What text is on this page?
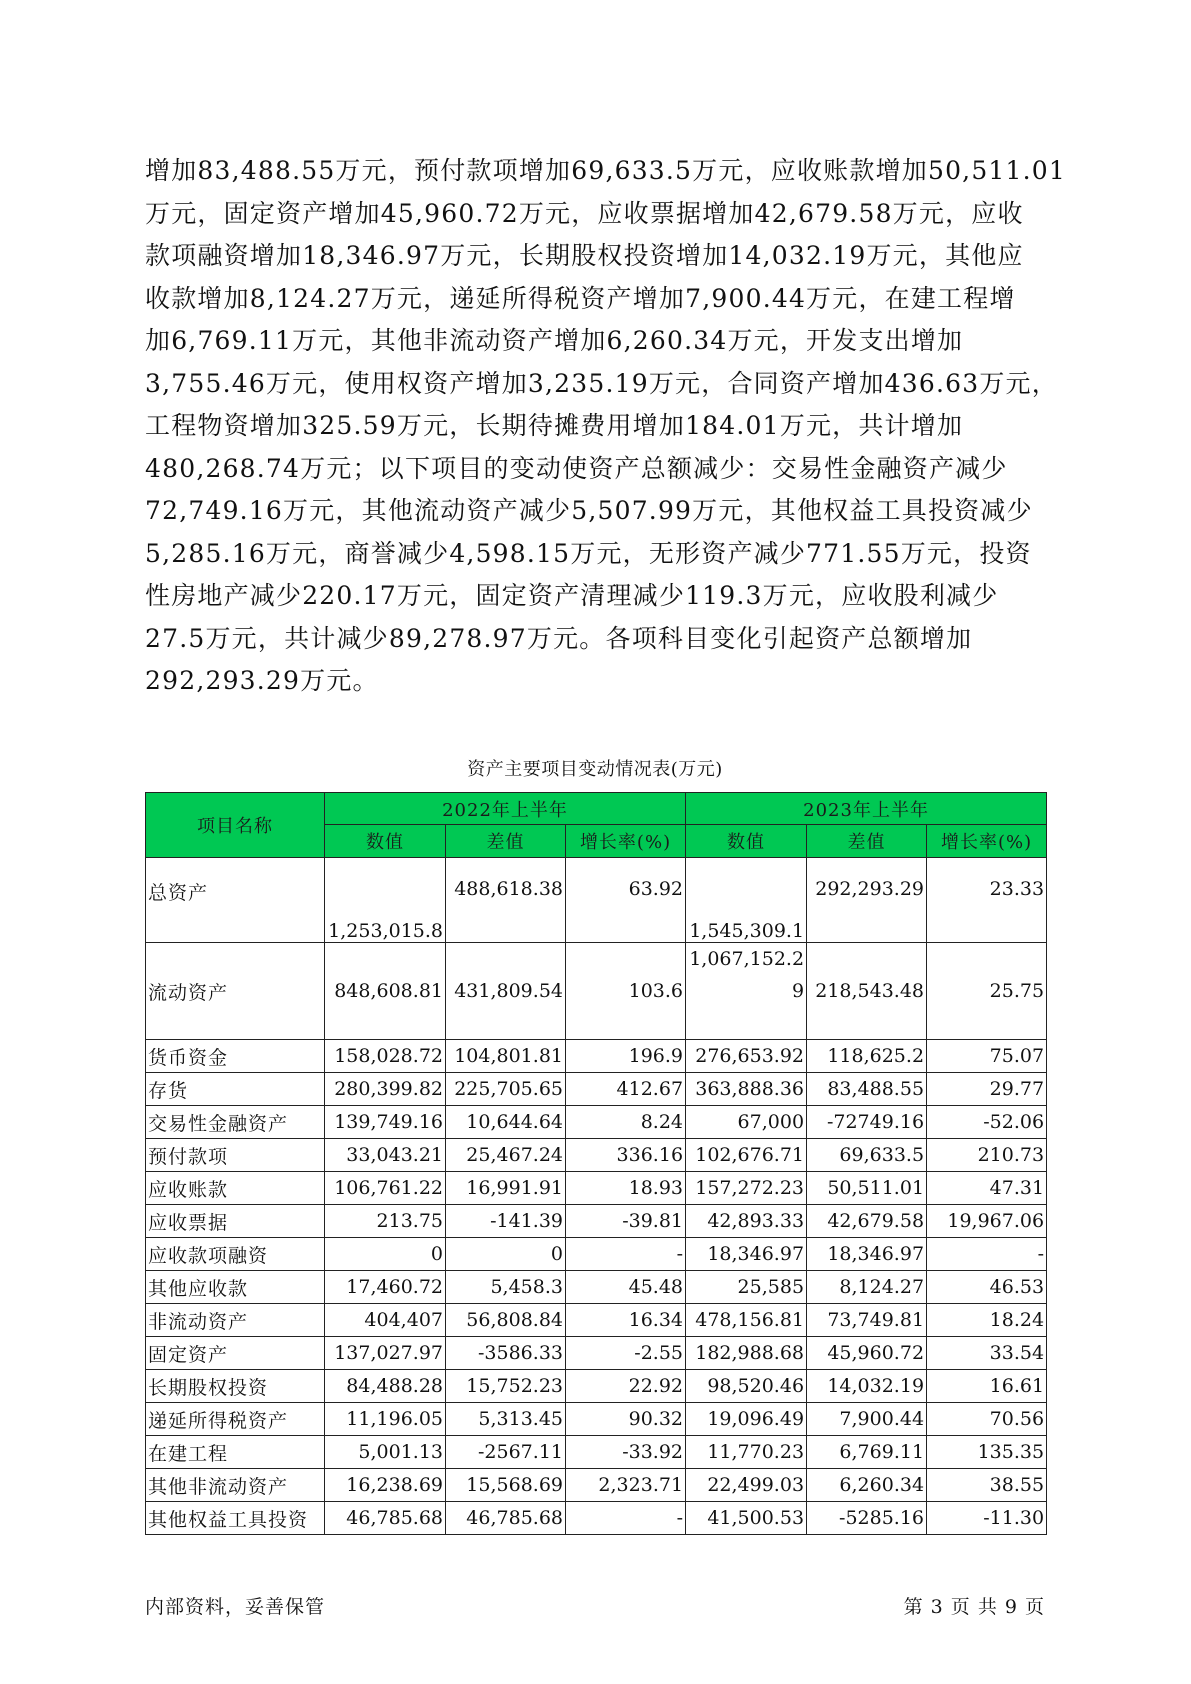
增加83,488.55万元，预付款项增加69,633.5万元，应收账款增加50,511.01
万元，固定资产增加45,960.72万元，应收票据增加42,679.58万元，应收
款项融资增加18,346.97万元，长期股权投资增加14,032.19万元，其他应
收款增加8,124.27万元，递延所得税资产增加7,900.44万元，在建工程增
加6,769.11万元，其他非流动资产增加6,260.34万元，开发支出增加
3,755.46万元，使用权资产增加3,235.19万元，合同资产增加436.63万元，
工程物资增加325.59万元，长期待摊费用增加184.01万元，共计增加
480,268.74万元；以下项目的变动使资产总额减少：交易性金融资产减少
72,749.16万元，其他流动资产减少5,507.99万元，其他权益工具投资减少
5,285.16万元，商誉减少4,598.15万元，无形资产减少771.55万元，投资
性房地产减少220.17万元，固定资产清理减少119.3万元，应收股利减少
27.5万元，共计减少89,278.97万元。各项科目变化引起资产总额增加
292,293.29万元。
资产主要项目变动情况表(万元)
项目名称	2022年上半年			2023年上半年		
	数值	差值	增长率(%)	数值	差值	增长率(%)
总资产	1,253,015.8	488,618.38	63.92	1,545,309.1	292,293.29	23.33
流动资产	848,608.81	431,809.54	103.6	1,067,152.29	218,543.48	25.75
货币资金	158,028.72	104,801.81	196.9	276,653.92	118,625.2	75.07
存货	280,399.82	225,705.65	412.67	363,888.36	83,488.55	29.77
交易性金融资产	139,749.16	10,644.64	8.24	67,000	-72749.16	-52.06
预付款项	33,043.21	25,467.24	336.16	102,676.71	69,633.5	210.73
应收账款	106,761.22	16,991.91	18.93	157,272.23	50,511.01	47.31
应收票据	213.75	-141.39	-39.81	42,893.33	42,679.58	19,967.06
应收款项融资	0	0	-	18,346.97	18,346.97	-
其他应收款	17,460.72	5,458.3	45.48	25,585	8,124.27	46.53
非流动资产	404,407	56,808.84	16.34	478,156.81	73,749.81	18.24
固定资产	137,027.97	-3586.33	-2.55	182,988.68	45,960.72	33.54
长期股权投资	84,488.28	15,752.23	22.92	98,520.46	14,032.19	16.61
递延所得税资产	11,196.05	5,313.45	90.32	19,096.49	7,900.44	70.56
在建工程	5,001.13	-2567.11	-33.92	11,770.23	6,769.11	135.35
其他非流动资产	16,238.69	15,568.69	2,323.71	22,499.03	6,260.34	38.55
其他权益工具投资	46,785.68	46,785.68	-	41,500.53	-5285.16	-11.30
内部资料，妥善保管	第 3 页 共 9 页
